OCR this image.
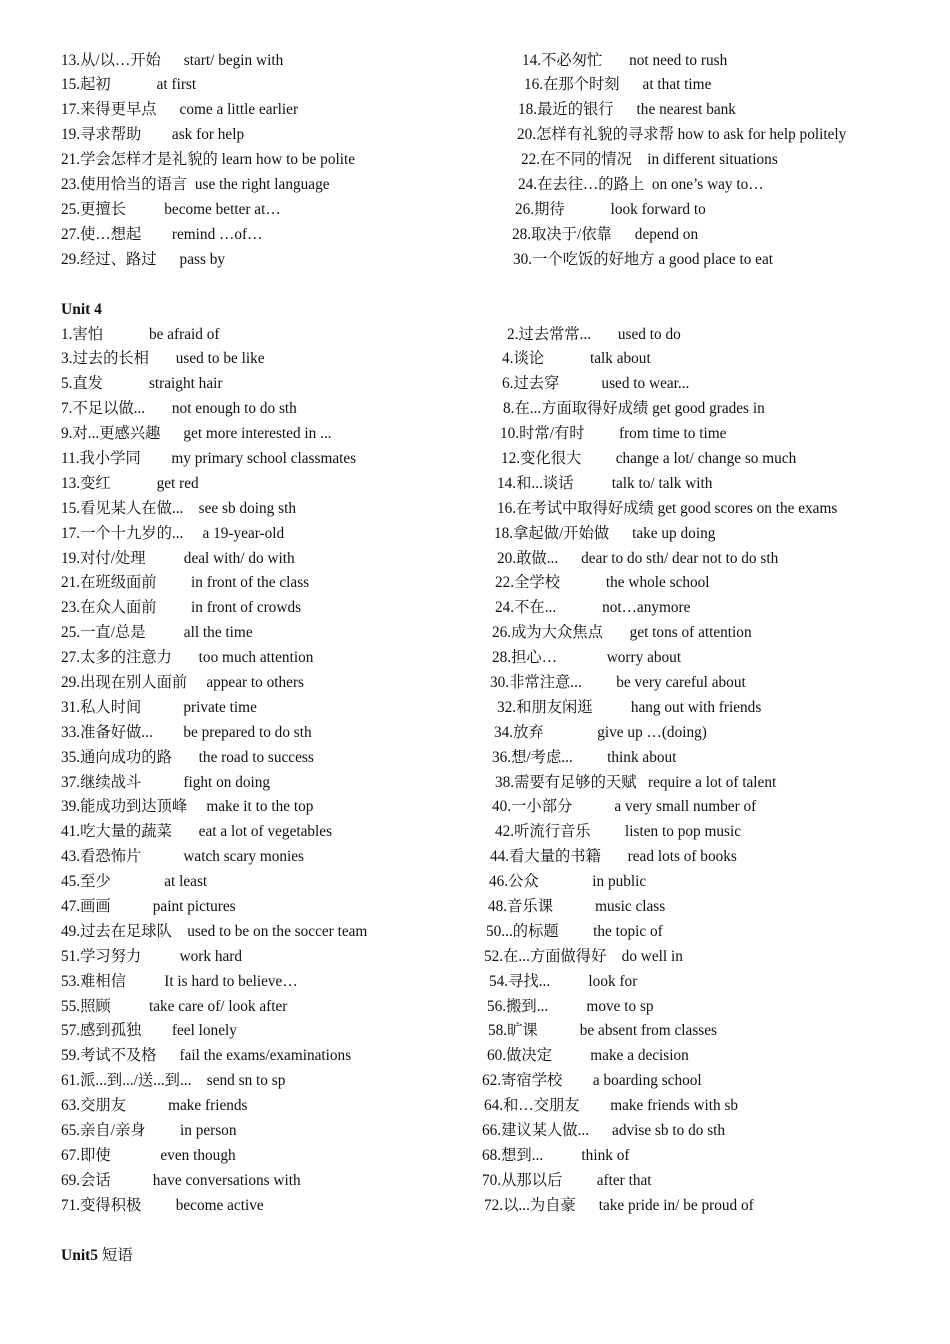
13.从/以…开始      start/ begin with	14.不必匆忙       not need to rush
15.起初            at first	16.在那个时刻      at that time
17.来得更早点      come a little earlier	18.最近的银行      the nearest bank
19.寻求帮助        ask for help	20.怎样有礼貌的寻求帮 how to ask for help politely
21.学会怎样才是礼貌的 learn how to be polite	22.在不同的情况    in different situations
23.使用恰当的语言  use the right language	24.在去往…的路上  on one’s way to…
25.更擅长          become better at…	26.期待            look forward to
27.使…想起        remind …of…	28.取决于/依靠      depend on
29.经过、路过      pass by	30.一个吃饭的好地方 a good place to eat
Unit 4
1.害怕            be afraid of	2.过去常常...       used to do
3.过去的长相       used to be like	4.谈论            talk about
5.直发            straight hair	6.过去穿           used to wear...
7.不足以做...       not enough to do sth	8.在...方面取得好成绩 get good grades in
9.对...更感兴趣      get more interested in ...	10.时常/有时         from time to time
11.我小学同        my primary school classmates	12.变化很大         change a lot/ change so much
13.变红            get red	14.和...谈话          talk to/ talk with
15.看见某人在做...    see sb doing sth	16.在考试中取得好成绩 get good scores on the exams
17.一个十九岁的...     a 19-year-old	18.拿起做/开始做      take up doing
19.对付/处理          deal with/ do with	20.敢做...      dear to do sth/ dear not to do sth
21.在班级面前         in front of the class	22.全学校            the whole school
23.在众人面前         in front of crowds	24.不在...            not…anymore
25.一直/总是          all the time	26.成为大众焦点       get tons of attention
27.太多的注意力       too much attention	28.担心…             worry about
29.出现在别人面前     appear to others	30.非常注意...         be very careful about
31.私人时间           private time	32.和朋友闲逛          hang out with friends
33.准备好做...        be prepared to do sth	34.放弃              give up …(doing)
35.通向成功的路       the road to success	36.想/考虑...         think about
37.继续战斗           fight on doing	38.需要有足够的天赋   require a lot of talent
39.能成功到达顶峰     make it to the top	40.一小部分           a very small number of
41.吃大量的蔬菜       eat a lot of vegetables	42.听流行音乐         listen to pop music
43.看恐怖片           watch scary monies	44.看大量的书籍       read lots of books
45.至少              at least	46.公众              in public
47.画画           paint pictures	48.音乐课           music class
49.过去在足球队    used to be on the soccer team	50...的标题         the topic of
51.学习努力          work hard	52.在...方面做得好    do well in
53.难相信          It is hard to believe…	54.寻找...          look for
55.照顾          take care of/ look after	56.搬到...          move to sp
57.感到孤独        feel lonely	58.旷课           be absent from classes
59.考试不及格      fail the exams/examinations	60.做决定          make a decision
61.派...到.../送...到...    send sn to sp	62.寄宿学校        a boarding school
63.交朋友           make friends	64.和…交朋友        make friends with sb
65.亲自/亲身         in person	66.建议某人做...      advise sb to do sth
67.即使             even though	68.想到...          think of
69.会话           have conversations with	70.从那以后         after that
71.变得积极         become active	72.以...为自豪      take pride in/ be proud of
Unit5 短语
